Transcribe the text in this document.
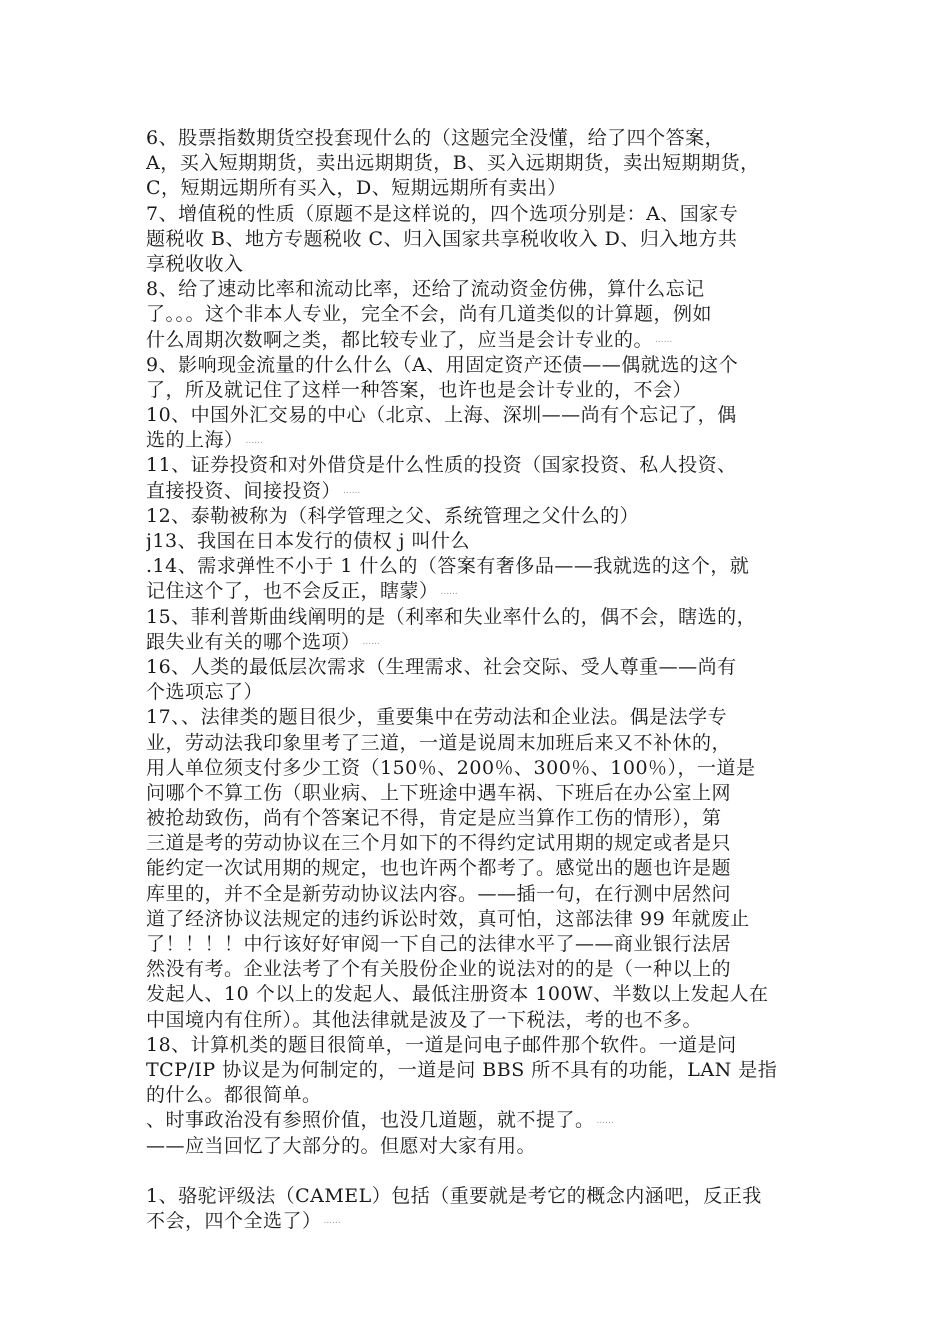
6、股票指数期货空投套现什么的（这题完全没懂，给了四个答案，
A，买入短期期货，卖出远期期货，B、买入远期期货，卖出短期期货，
C，短期远期所有买入，D、短期远期所有卖出）
7、增值税的性质（原题不是这样说的，四个选项分别是：A、国家专
题税收 B、地方专题税收 C、归入国家共享税收收入 D、归入地方共
享税收收入
8、给了速动比率和流动比率，还给了流动资金仿佛，算什么忘记
了。。。这个非本人专业，完全不会，尚有几道类似的计算题，例如
什么周期次数啊之类，都比较专业了，应当是会计专业的。 ......
9、影响现金流量的什么什么（A、用固定资产还债——偶就选的这个
了，所及就记住了这样一种答案，也许也是会计专业的，不会）
10、中国外汇交易的中心（北京、上海、深圳——尚有个忘记了，偶
选的上海） ......
11、证券投资和对外借贷是什么性质的投资（国家投资、私人投资、
直接投资、间接投资） ......
12、泰勒被称为（科学管理之父、系统管理之父什么的）
j13、我国在日本发行的债权 j 叫什么
.14、需求弹性不小于 1 什么的（答案有奢侈品——我就选的这个，就
记住这个了，也不会反正，瞎蒙） ......
15、菲利普斯曲线阐明的是（利率和失业率什么的，偶不会，瞎选的，
跟失业有关的哪个选项） ......
16、人类的最低层次需求（生理需求、社会交际、受人尊重——尚有
个选项忘了）
17、、法律类的题目很少，重要集中在劳动法和企业法。偶是法学专
业，劳动法我印象里考了三道，一道是说周末加班后来又不补休的，
用人单位须支付多少工资（150％、200％、300％、100％），一道是
问哪个不算工伤（职业病、上下班途中遇车祸、下班后在办公室上网
被抢劫致伤，尚有个答案记不得，肯定是应当算作工伤的情形），第
三道是考的劳动协议在三个月如下的不得约定试用期的规定或者是只
能约定一次试用期的规定，也也许两个都考了。感觉出的题也许是题
库里的，并不全是新劳动协议法内容。——插一句，在行测中居然问
道了经济协议法规定的违约诉讼时效，真可怕，这部法律 99 年就废止
了！！！！中行该好好审阅一下自己的法律水平了——商业银行法居
然没有考。企业法考了个有关股份企业的说法对的的是（一种以上的
发起人、10 个以上的发起人、最低注册资本 100W、半数以上发起人在
中国境内有住所）。其他法律就是波及了一下税法，考的也不多。
18、计算机类的题目很简单，一道是问电子邮件那个软件。一道是问
TCP/IP 协议是为何制定的，一道是问 BBS 所不具有的功能，LAN 是指
的什么。都很简单。
、时事政治没有参照价值，也没几道题，就不提了。 ......
——应当回忆了大部分的。但愿对大家有用。
1、骆驼评级法（CAMEL）包括（重要就是考它的概念内涵吧，反正我
不会，四个全选了） ......
